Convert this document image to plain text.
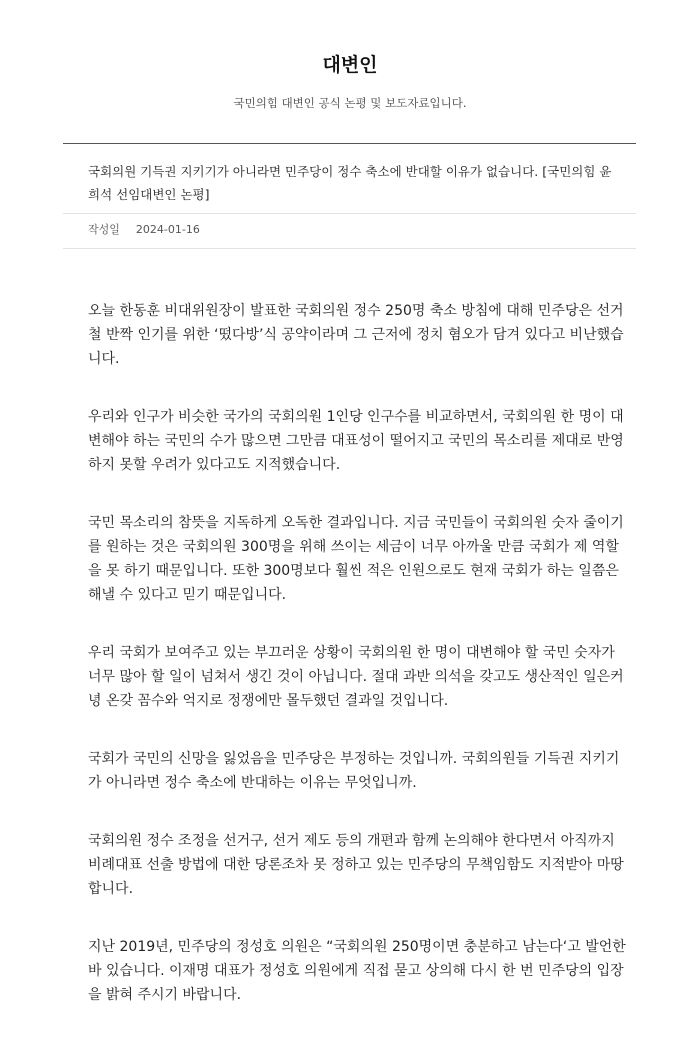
대변인
국민의힘 대변인 공식 논평 및 보도자료입니다.
국회의원 기득권 지키기가 아니라면 민주당이 정수 축소에 반대할 이유가 없습니다. [국민의힘 윤희석 선임대변인 논평]
작성일 2024-01-16

오늘 한동훈 비대위원장이 발표한 국회의원 정수 250명 축소 방침에 대해 민주당은 선거철 반짝 인기를 위한 ‘떴다방’식 공약이라며 그 근저에 정치 혐오가 담겨 있다고 비난했습니다.

우리와 인구가 비슷한 국가의 국회의원 1인당 인구수를 비교하면서, 국회의원 한 명이 대변해야 하는 국민의 수가 많으면 그만큼 대표성이 떨어지고 국민의 목소리를 제대로 반영하지 못할 우려가 있다고도 지적했습니다.

국민 목소리의 참뜻을 지독하게 오독한 결과입니다. 지금 국민들이 국회의원 숫자 줄이기를 원하는 것은 국회의원 300명을 위해 쓰이는 세금이 너무 아까울 만큼 국회가 제 역할을 못 하기 때문입니다. 또한 300명보다 훨씬 적은 인원으로도 현재 국회가 하는 일쯤은 해낼 수 있다고 믿기 때문입니다.

우리 국회가 보여주고 있는 부끄러운 상황이 국회의원 한 명이 대변해야 할 국민 숫자가 너무 많아 할 일이 넘쳐서 생긴 것이 아닙니다. 절대 과반 의석을 갖고도 생산적인 일은커녕 온갖 꼼수와 억지로 정쟁에만 몰두했던 결과일 것입니다.

국회가 국민의 신망을 잃었음을 민주당은 부정하는 것입니까. 국회의원들 기득권 지키기가 아니라면 정수 축소에 반대하는 이유는 무엇입니까.

국회의원 정수 조정을 선거구, 선거 제도 등의 개편과 함께 논의해야 한다면서 아직까지 비례대표 선출 방법에 대한 당론조차 못 정하고 있는 민주당의 무책임함도 지적받아 마땅합니다.

지난 2019년, 민주당의 정성호 의원은 “국회의원 250명이면 충분하고 남는다‘고 발언한 바 있습니다. 이재명 대표가 정성호 의원에게 직접 묻고 상의해 다시 한 번 민주당의 입장을 밝혀 주시기 바랍니다.
